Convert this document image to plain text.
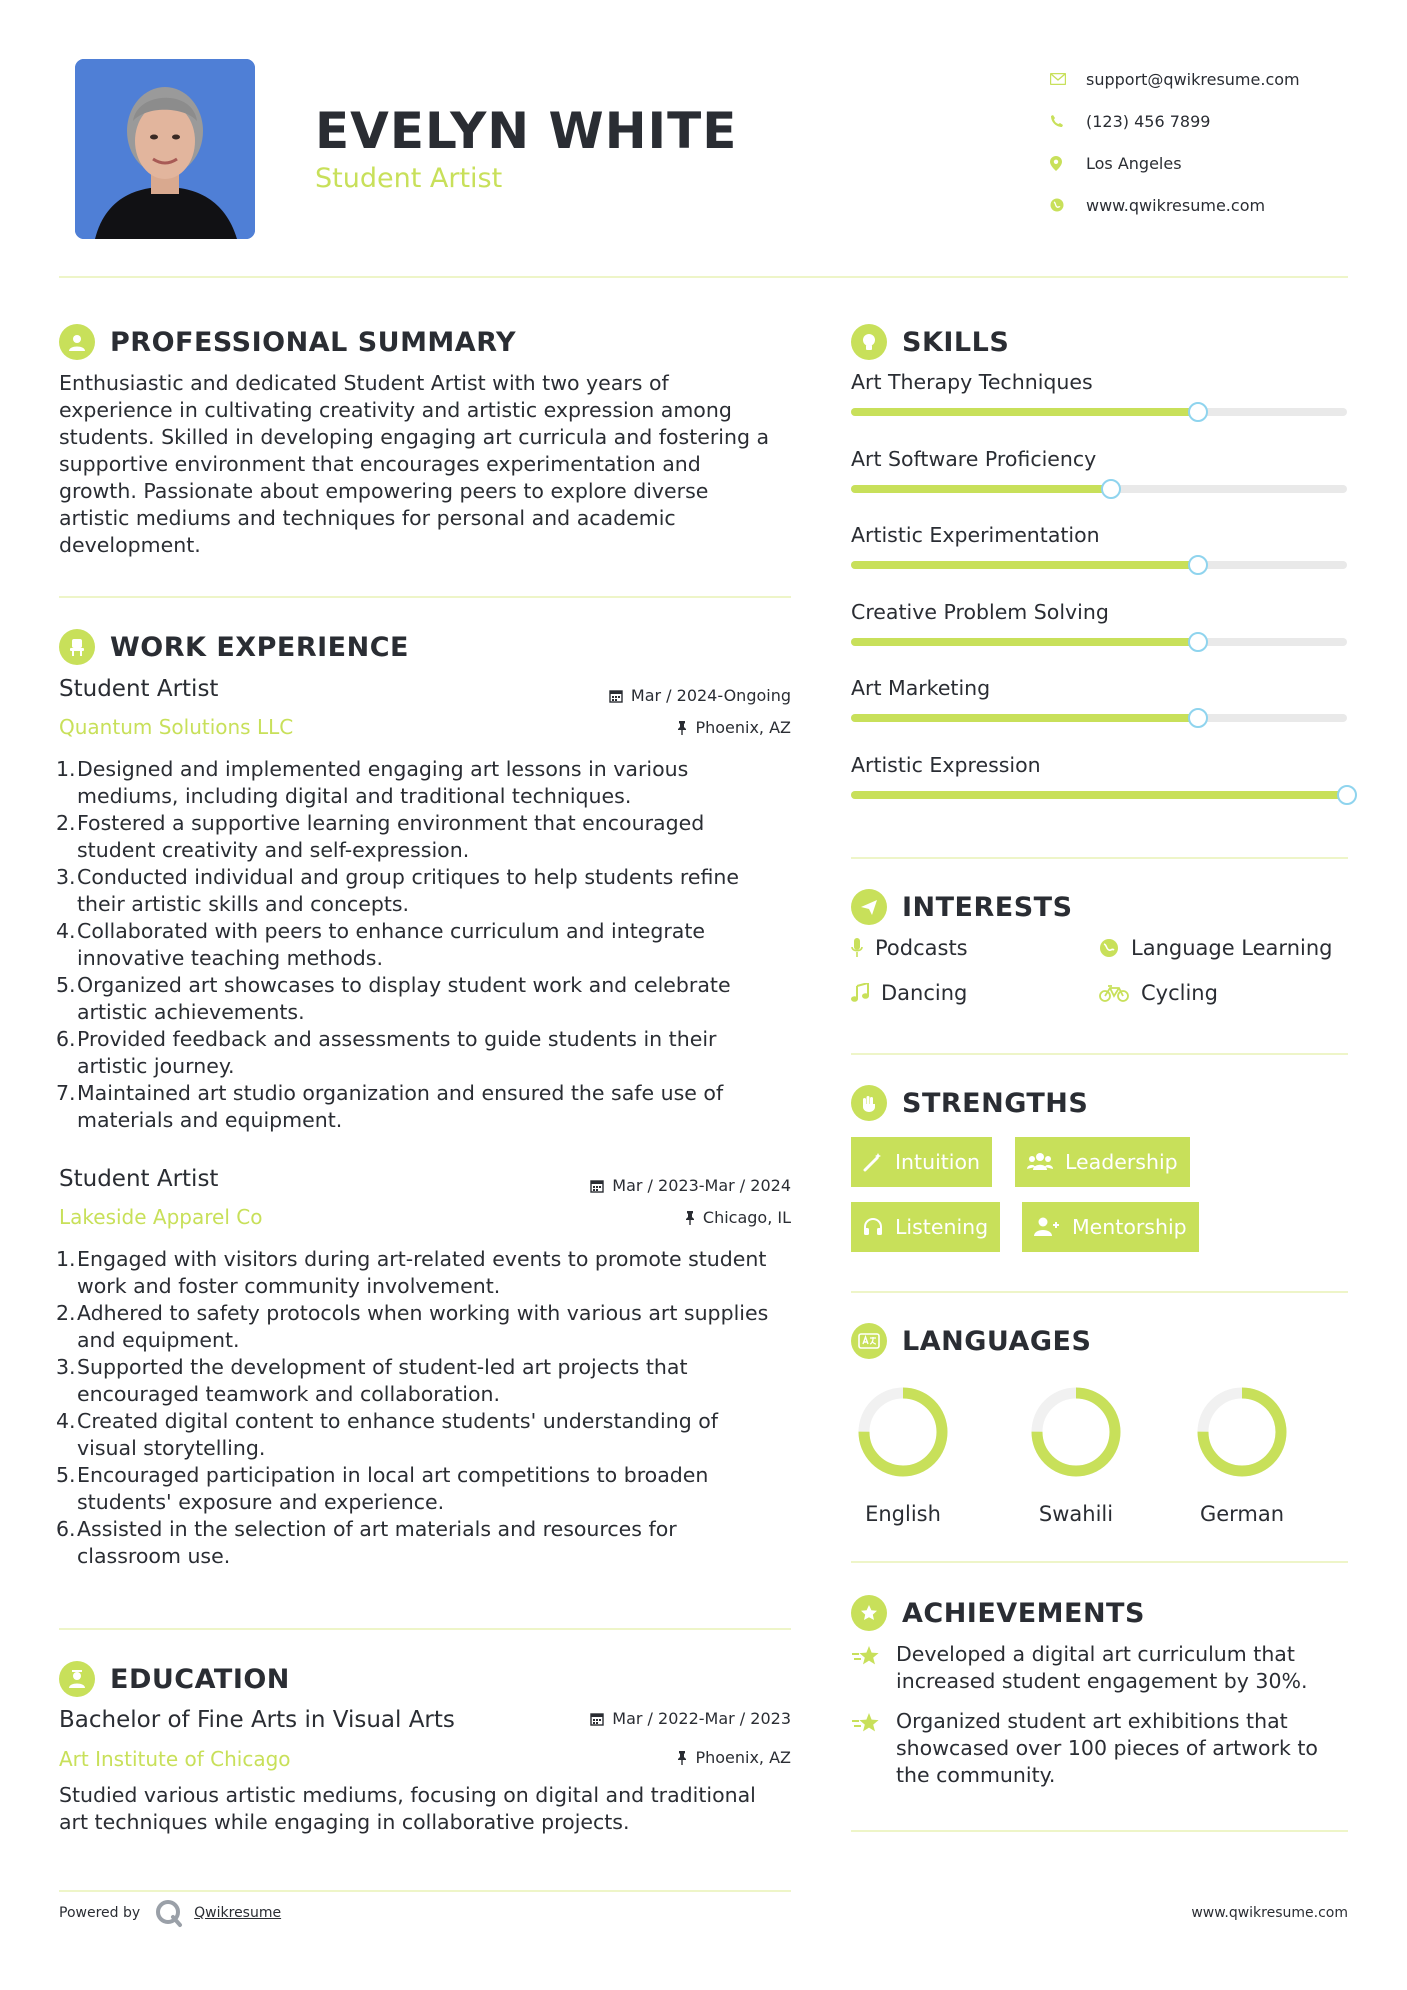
EVELYN WHITE
Student Artist
support@qwikresume.com
(123) 456 7899
Los Angeles
www.qwikresume.com
PROFESSIONAL SUMMARY
Enthusiastic and dedicated Student Artist with two years of
experience in cultivating creativity and artistic expression among
students. Skilled in developing engaging art curricula and fostering a
supportive environment that encourages experimentation and
growth. Passionate about empowering peers to explore diverse
artistic mediums and techniques for personal and academic
development.
WORK EXPERIENCE
Student Artist	Mar / 2024-Ongoing
Quantum Solutions LLC	Phoenix, AZ
1. Designed and implemented engaging art lessons in various
mediums, including digital and traditional techniques.
2. Fostered a supportive learning environment that encouraged
student creativity and self-expression.
3. Conducted individual and group critiques to help students refine
their artistic skills and concepts.
4. Collaborated with peers to enhance curriculum and integrate
innovative teaching methods.
5. Organized art showcases to display student work and celebrate
artistic achievements.
6. Provided feedback and assessments to guide students in their
artistic journey.
7. Maintained art studio organization and ensured the safe use of
materials and equipment.
Student Artist	Mar / 2023-Mar / 2024
Lakeside Apparel Co	Chicago, IL
1. Engaged with visitors during art-related events to promote student
work and foster community involvement.
2. Adhered to safety protocols when working with various art supplies
and equipment.
3. Supported the development of student-led art projects that
encouraged teamwork and collaboration.
4. Created digital content to enhance students' understanding of
visual storytelling.
5. Encouraged participation in local art competitions to broaden
students' exposure and experience.
6. Assisted in the selection of art materials and resources for
classroom use.
EDUCATION
Bachelor of Fine Arts in Visual Arts	Mar / 2022-Mar / 2023
Art Institute of Chicago	Phoenix, AZ
Studied various artistic mediums, focusing on digital and traditional
art techniques while engaging in collaborative projects.
SKILLS
Art Therapy Techniques
Art Software Proficiency
Artistic Experimentation
Creative Problem Solving
Art Marketing
Artistic Expression
INTERESTS
Podcasts	Language Learning
Dancing	Cycling
STRENGTHS
Intuition	Leadership
Listening	Mentorship
LANGUAGES
English	Swahili	German
ACHIEVEMENTS
Developed a digital art curriculum that
increased student engagement by 30%.
Organized student art exhibitions that
showcased over 100 pieces of artwork to
the community.
Powered by	Qwikresume	www.qwikresume.com
